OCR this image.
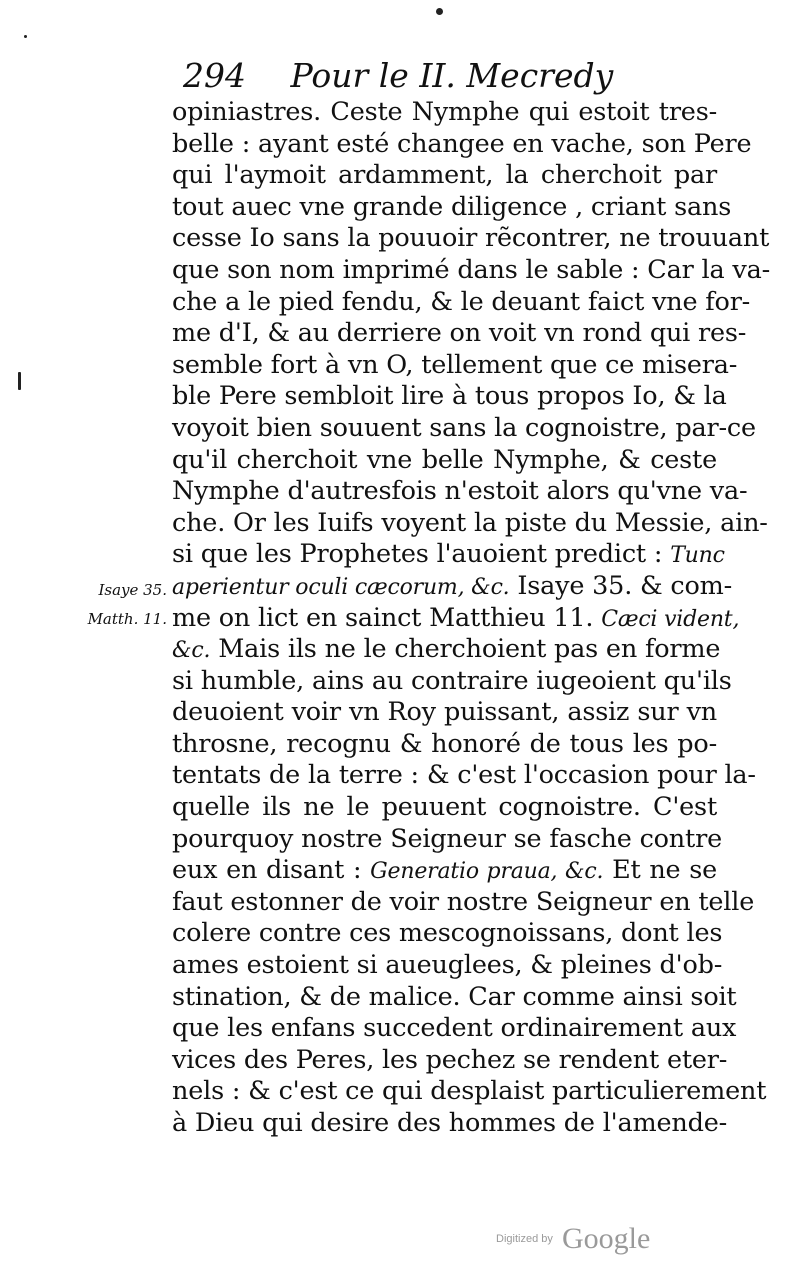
294 Pour le II. Mecredy
Isaye 35.
Matth. 11.
opiniastres. Ceste Nymphe qui estoit tres-
belle : ayant esté changee en vache, son Pere
qui l'aymoit ardamment, la cherchoit par
tout auec vne grande diligence , criant sans
cesse Io sans la pouuoir rẽcontrer, ne trouuant
que son nom imprimé dans le sable : Car la va-
che a le pied fendu, & le deuant faict vne for-
me d'I, & au derriere on voit vn rond qui res-
semble fort à vn O, tellement que ce misera-
ble Pere sembloit lire à tous propos Io, & la
voyoit bien souuent sans la cognoistre, par-ce
qu'il cherchoit vne belle Nymphe, & ceste
Nymphe d'autresfois n'estoit alors qu'vne va-
che. Or les Iuifs voyent la piste du Messie, ain-
si que les Prophetes l'auoient predict : Tunc
aperientur oculi cæcorum, &c. Isaye 35. & com-
me on lict en sainct Matthieu 11. Cæci vident,
&c. Mais ils ne le cherchoient pas en forme
si humble, ains au contraire iugeoient qu'ils
deuoient voir vn Roy puissant, assiz sur vn
throsne, recognu & honoré de tous les po-
tentats de la terre : & c'est l'occasion pour la-
quelle ils ne le peuuent cognoistre. C'est
pourquoy nostre Seigneur se fasche contre
eux en disant : Generatio praua, &c. Et ne se
faut estonner de voir nostre Seigneur en telle
colere contre ces mescognoissans, dont les
ames estoient si aueuglees, & pleines d'ob-
stination, & de malice. Car comme ainsi soit
que les enfans succedent ordinairement aux
vices des Peres, les pechez se rendent eter-
nels : & c'est ce qui desplaist particulierement
à Dieu qui desire des hommes de l'amende-
Digitized by Google
